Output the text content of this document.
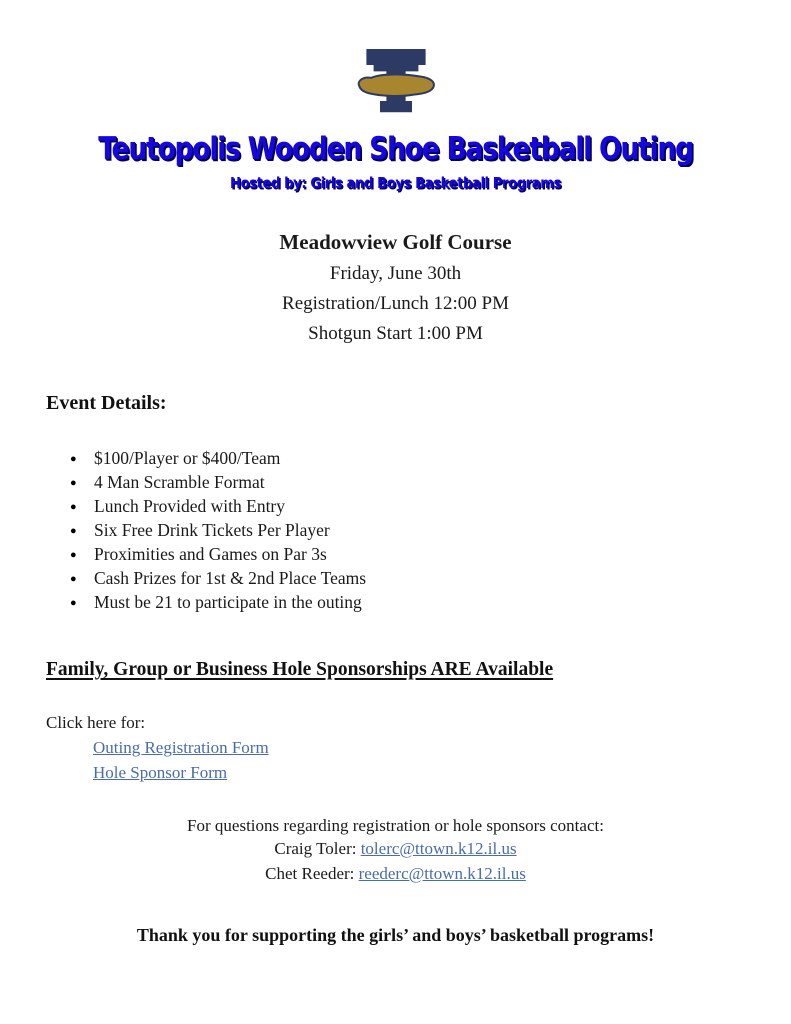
Teutopolis Wooden Shoe Basketball Outing
Hosted by: Girls and Boys Basketball Programs
Meadowview Golf Course
Friday, June 30th
Registration/Lunch 12:00 PM
Shotgun Start 1:00 PM
Event Details:
● $100/Player or $400/Team
● 4 Man Scramble Format
● Lunch Provided with Entry
● Six Free Drink Tickets Per Player
● Proximities and Games on Par 3s
● Cash Prizes for 1st & 2nd Place Teams
● Must be 21 to participate in the outing
Family, Group or Business Hole Sponsorships ARE Available
Click here for:
Outing Registration Form
Hole Sponsor Form
For questions regarding registration or hole sponsors contact:
Craig Toler: tolerc@ttown.k12.il.us
Chet Reeder: reederc@ttown.k12.il.us
Thank you for supporting the girls’ and boys’ basketball programs!
